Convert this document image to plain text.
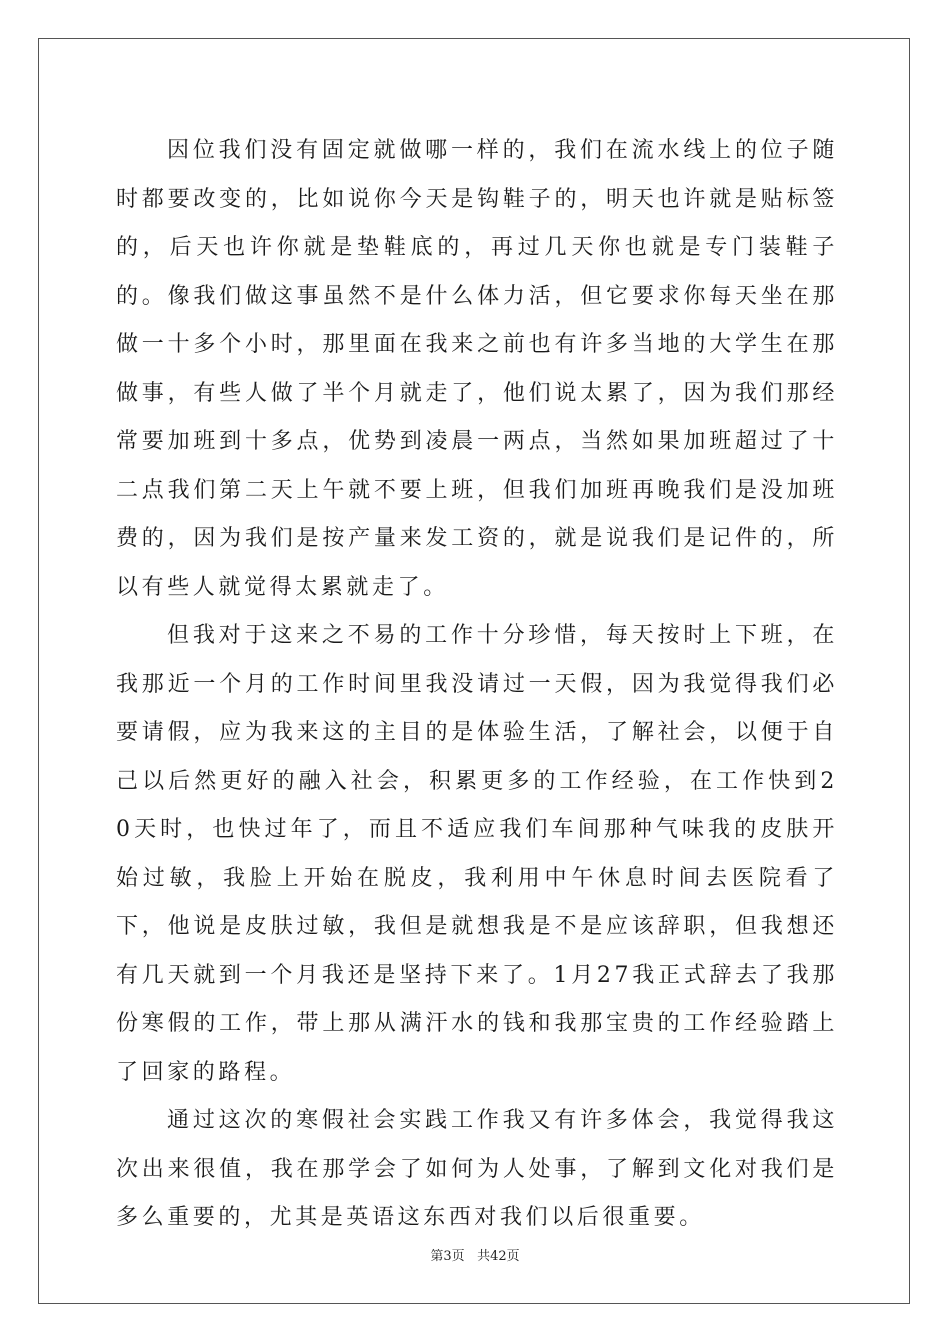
因位我们没有固定就做哪一样的，我们在流水线上的位子随时都要改变的，比如说你今天是钩鞋子的，明天也许就是贴标签的，后天也许你就是垫鞋底的，再过几天你也就是专门装鞋子的。像我们做这事虽然不是什么体力活，但它要求你每天坐在那做一十多个小时，那里面在我来之前也有许多当地的大学生在那做事，有些人做了半个月就走了，他们说太累了，因为我们那经常要加班到十多点，优势到凌晨一两点，当然如果加班超过了十二点我们第二天上午就不要上班，但我们加班再晚我们是没加班费的，因为我们是按产量来发工资的，就是说我们是记件的，所以有些人就觉得太累就走了。

但我对于这来之不易的工作十分珍惜，每天按时上下班，在我那近一个月的工作时间里我没请过一天假，因为我觉得我们必要请假，应为我来这的主目的是体验生活，了解社会，以便于自己以后然更好的融入社会，积累更多的工作经验，在工作快到20天时，也快过年了，而且不适应我们车间那种气味我的皮肤开始过敏，我脸上开始在脱皮，我利用中午休息时间去医院看了下，他说是皮肤过敏，我但是就想我是不是应该辞职，但我想还有几天就到一个月我还是坚持下来了。1月27我正式辞去了我那份寒假的工作，带上那从满汗水的钱和我那宝贵的工作经验踏上了回家的路程。

通过这次的寒假社会实践工作我又有许多体会，我觉得我这次出来很值，我在那学会了如何为人处事，了解到文化对我们是多么重要的，尤其是英语这东西对我们以后很重要。

第3页 共42页
